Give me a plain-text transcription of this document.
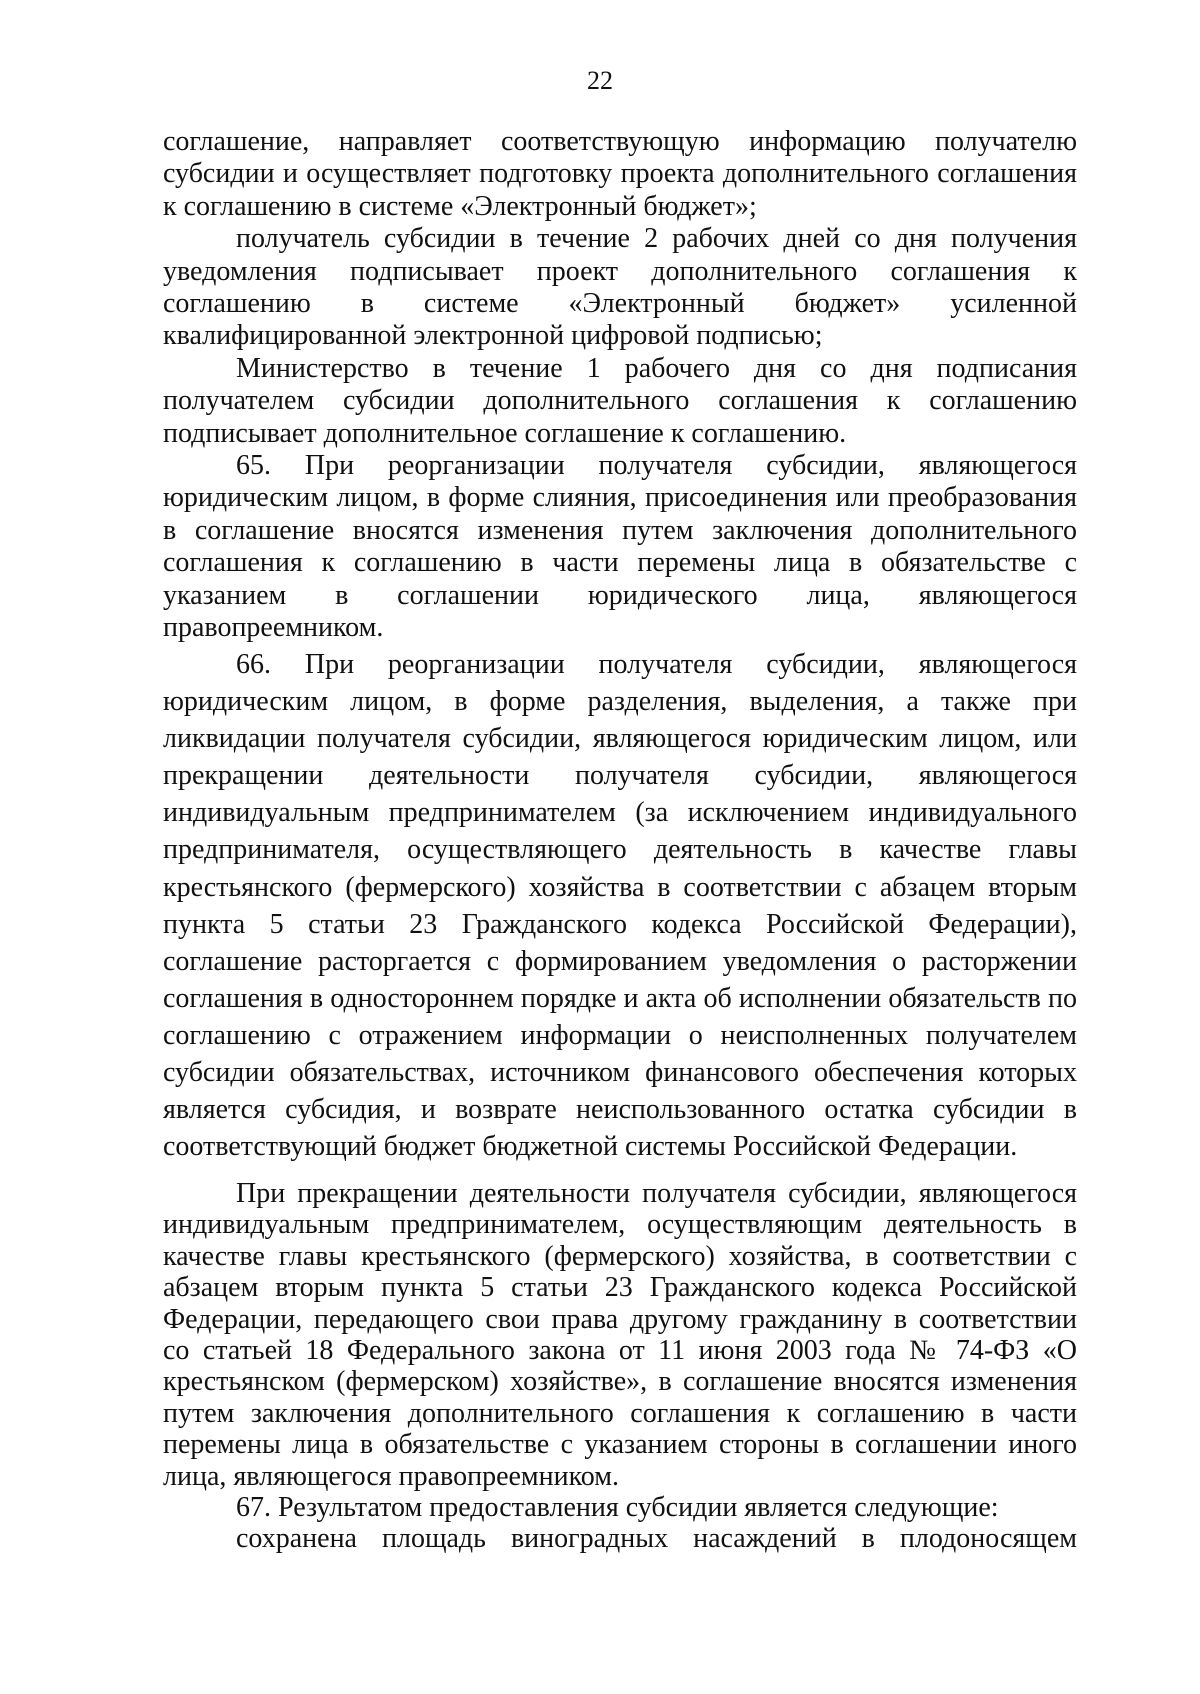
22

соглашение, направляет соответствующую информацию получателю субсидии и осуществляет подготовку проекта дополнительного соглашения к соглашению в системе «Электронный бюджет»;

получатель субсидии в течение 2 рабочих дней со дня получения уведомления подписывает проект дополнительного соглашения к соглашению в системе «Электронный бюджет» усиленной квалифицированной электронной цифровой подписью;

Министерство в течение 1 рабочего дня со дня подписания получателем субсидии дополнительного соглашения к соглашению подписывает дополнительное соглашение к соглашению.

65. При реорганизации получателя субсидии, являющегося юридическим лицом, в форме слияния, присоединения или преобразования в соглашение вносятся изменения путем заключения дополнительного соглашения к соглашению в части перемены лица в обязательстве с указанием в соглашении юридического лица, являющегося правопреемником.

66. При реорганизации получателя субсидии, являющегося юридическим лицом, в форме разделения, выделения, а также при ликвидации получателя субсидии, являющегося юридическим лицом, или прекращении деятельности получателя субсидии, являющегося индивидуальным предпринимателем (за исключением индивидуального предпринимателя, осуществляющего деятельность в качестве главы крестьянского (фермерского) хозяйства в соответствии с абзацем вторым пункта 5 статьи 23 Гражданского кодекса Российской Федерации), соглашение расторгается с формированием уведомления о расторжении соглашения в одностороннем порядке и акта об исполнении обязательств по соглашению с отражением информации о неисполненных получателем субсидии обязательствах, источником финансового обеспечения которых является субсидия, и возврате неиспользованного остатка субсидии в соответствующий бюджет бюджетной системы Российской Федерации.

При прекращении деятельности получателя субсидии, являющегося индивидуальным предпринимателем, осуществляющим деятельность в качестве главы крестьянского (фермерского) хозяйства, в соответствии с абзацем вторым пункта 5 статьи 23 Гражданского кодекса Российской Федерации, передающего свои права другому гражданину в соответствии со статьей 18 Федерального закона от 11 июня 2003 года № 74-ФЗ «О крестьянском (фермерском) хозяйстве», в соглашение вносятся изменения путем заключения дополнительного соглашения к соглашению в части перемены лица в обязательстве с указанием стороны в соглашении иного лица, являющегося правопреемником.

67. Результатом предоставления субсидии является следующие:

сохранена площадь виноградных насаждений в плодоносящем
